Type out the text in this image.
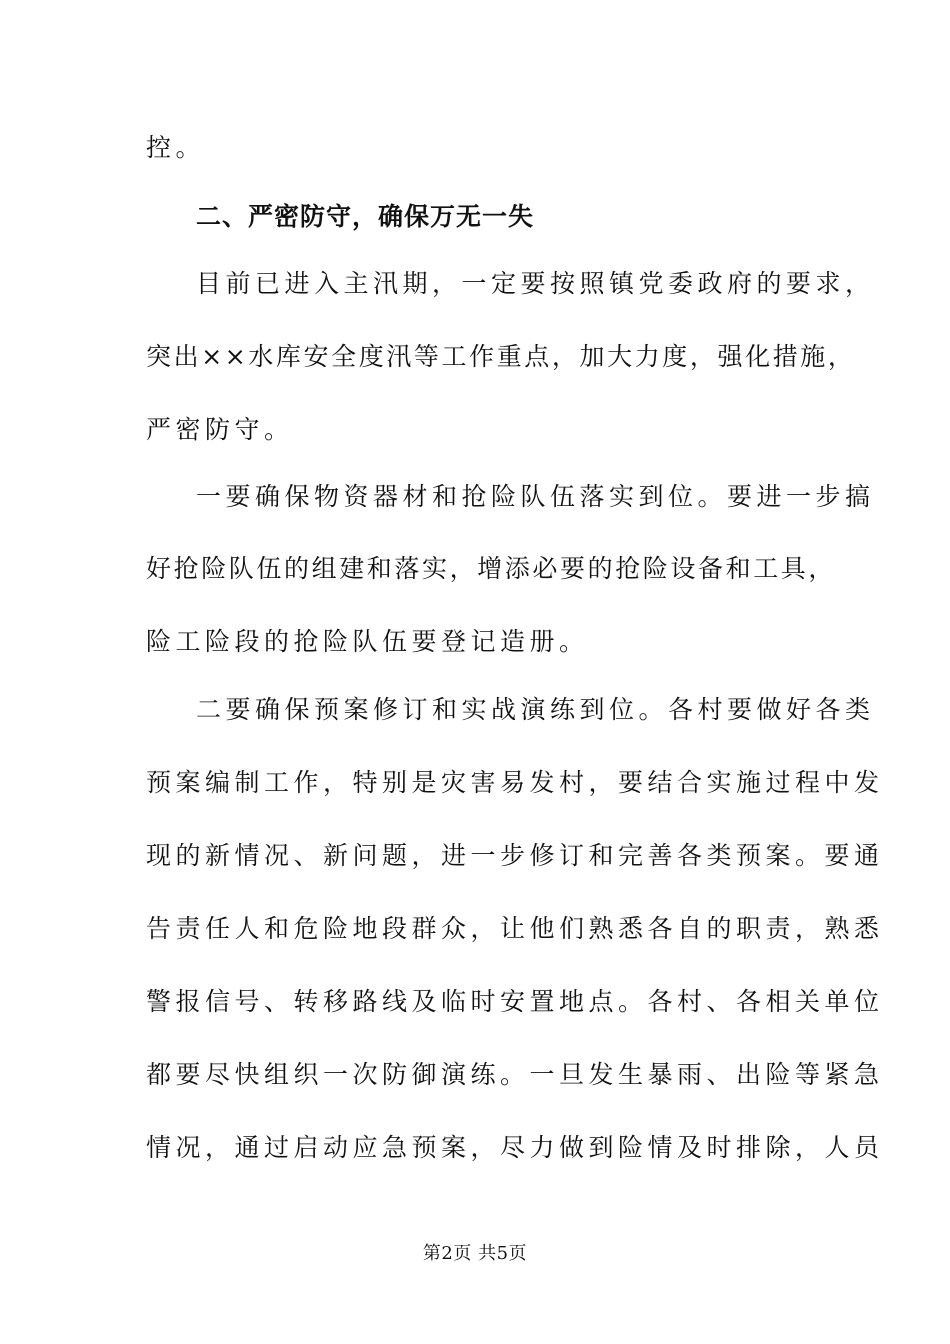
控。
二、严密防守，确保万无一失
目前已进入主汛期，一定要按照镇党委政府的要求，
突出××水库安全度汛等工作重点，加大力度，强化措施，
严密防守。
一要确保物资器材和抢险队伍落实到位。要进一步搞
好抢险队伍的组建和落实，增添必要的抢险设备和工具，
险工险段的抢险队伍要登记造册。
二要确保预案修订和实战演练到位。各村要做好各类
预案编制工作，特别是灾害易发村，要结合实施过程中发
现的新情况、新问题，进一步修订和完善各类预案。要通
告责任人和危险地段群众，让他们熟悉各自的职责，熟悉
警报信号、转移路线及临时安置地点。各村、各相关单位
都要尽快组织一次防御演练。一旦发生暴雨、出险等紧急
情况，通过启动应急预案，尽力做到险情及时排除，人员
第2页 共5页
